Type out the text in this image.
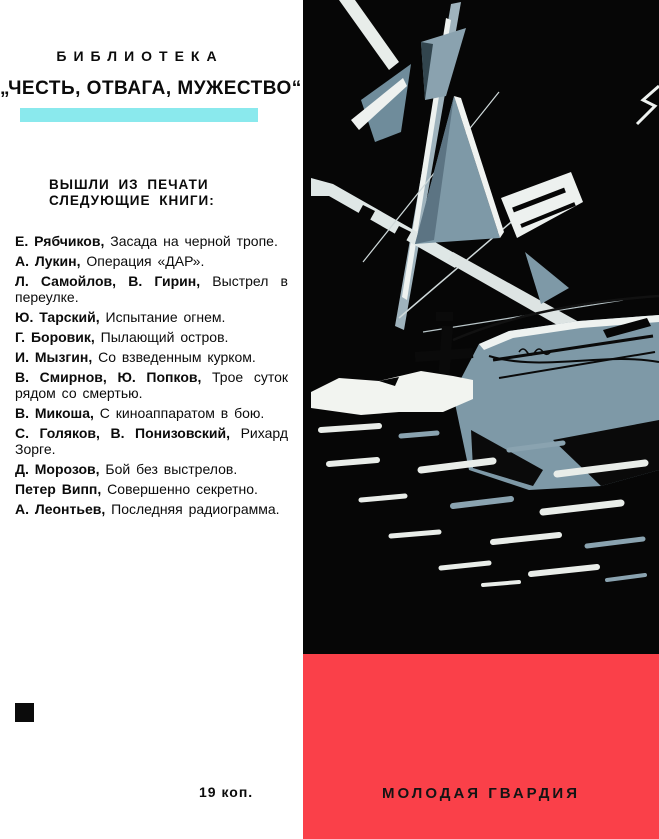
БИБЛИОТЕКА
„ЧЕСТЬ, ОТВАГА, МУЖЕСТВО“
ВЫШЛИ ИЗ ПЕЧАТИ
СЛЕДУЮЩИЕ КНИГИ:

Е. Рябчиков, Засада на черной тропе.

А. Лукин, Операция «ДАР».

Л. Самойлов, В. Гирин, Выстрел в переулке.

Ю. Тарский, Испытание огнем.

Г. Боровик, Пылающий остров.

И. Мызгин, Со взведенным курком.

В. Смирнов, Ю. Попков, Трое суток рядом со смертью.

В. Микоша, С киноаппаратом в бою.

С. Голяков, В. Понизовский, Рихард Зорге.

Д. Морозов, Бой без выстрелов.

Петер Випп, Совершенно секретно.

А. Леонтьев, Последняя радиограмма.

19 коп.	МОЛОДАЯ ГВАРДИЯ
